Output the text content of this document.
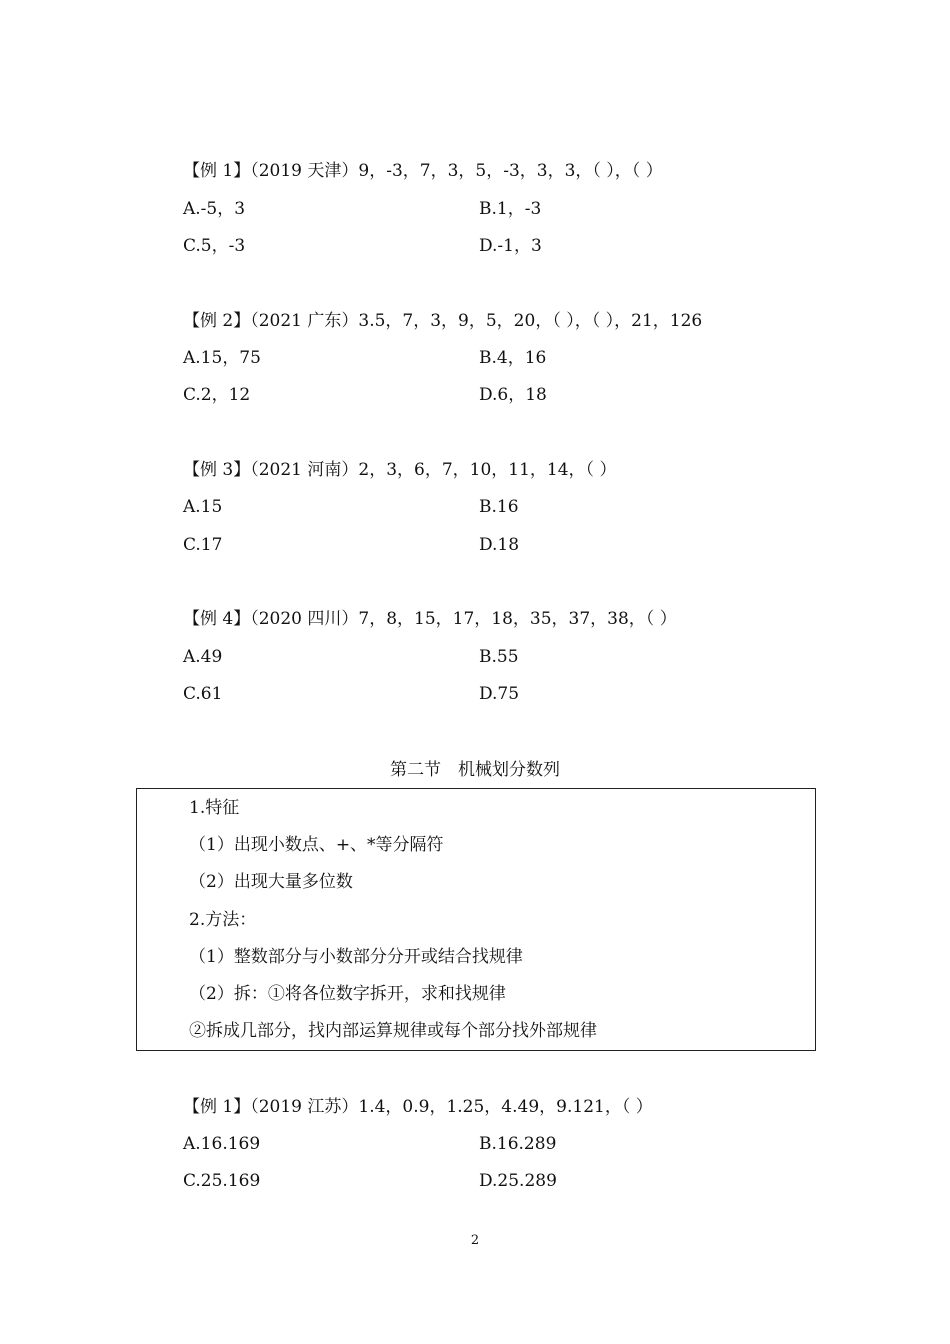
【例 1】（2019 天津）9，-3，7，3，5，-3，3，3，（ ），（ ）
A.-5，3	B.1，-3
C.5，-3	D.-1，3
【例 2】（2021 广东）3.5，7，3，9，5，20，（ ），（ ），21，126
A.15，75	B.4，16
C.2，12	D.6，18
【例 3】（2021 河南）2，3，6，7，10，11，14，（ ）
A.15	B.16
C.17	D.18
【例 4】（2020 四川）7，8，15，17，18，35，37，38，（ ）
A.49	B.55
C.61	D.75
第二节　机械划分数列
1.特征
（1）出现小数点、+、*等分隔符
（2）出现大量多位数
2.方法：
（1）整数部分与小数部分分开或结合找规律
（2）拆：①将各位数字拆开，求和找规律
②拆成几部分，找内部运算规律或每个部分找外部规律
【例 1】（2019 江苏）1.4，0.9，1.25，4.49，9.121，（ ）
A.16.169	B.16.289
C.25.169	D.25.289
2
